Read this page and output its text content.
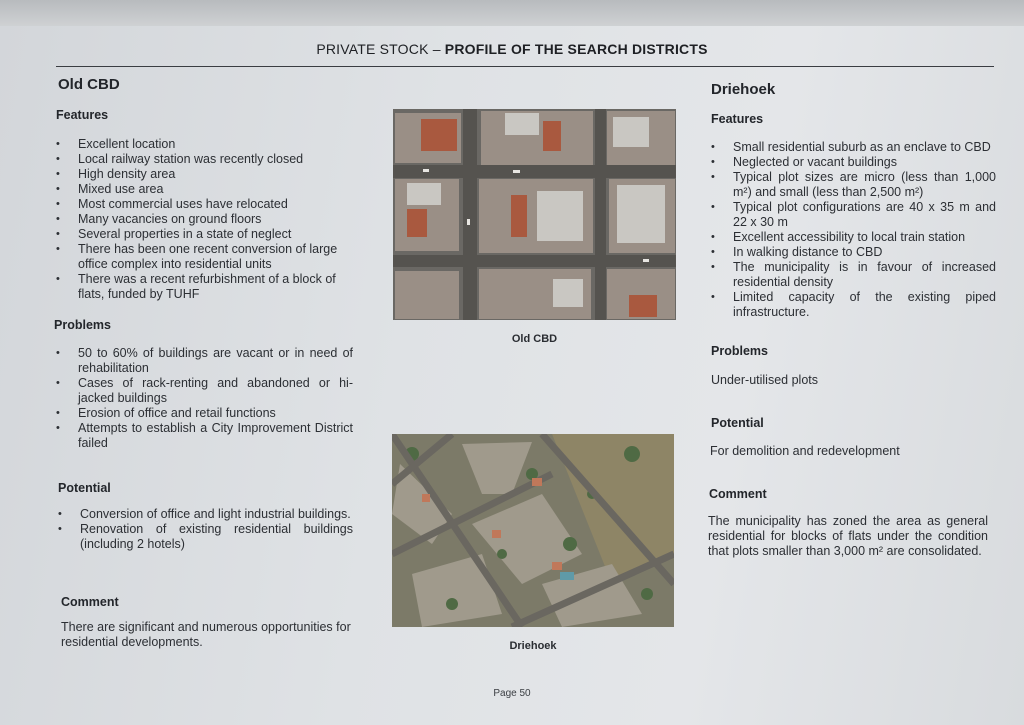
PRIVATE STOCK – PROFILE OF THE SEARCH DISTRICTS
Old CBD
Features
• Excellent location
• Local railway station was recently closed
• High density area
• Mixed use area
• Most commercial uses have relocated
• Many vacancies on ground floors
• Several properties in a state of neglect
• There has been one recent conversion of large office complex into residential units
• There was a recent refurbishment of a block of flats, funded by TUHF
Problems
• 50 to 60% of buildings are vacant or in need of rehabilitation
• Cases of rack-renting and abandoned or hi-jacked buildings
• Erosion of office and retail functions
• Attempts to establish a City Improvement District failed
Potential
• Conversion of office and light industrial buildings.
• Renovation of existing residential buildings (including 2 hotels)
Comment

There are significant and numerous opportunities for residential developments.

Old CBD
Driehoek
Driehoek
Features
• Small residential suburb as an enclave to CBD
• Neglected or vacant buildings
• Typical plot sizes are micro (less than 1,000 m²) and small (less than 2,500 m²)
• Typical plot configurations are 40 x 35 m and 22 x 30 m
• Excellent accessibility to local train station
• In walking distance to CBD
• The municipality is in favour of increased residential density
• Limited capacity of the existing piped infrastructure.
Problems

Under-utilised plots

Potential

For demolition and redevelopment

Comment

The municipality has zoned the area as general residential for blocks of flats under the condition that plots smaller than 3,000 m² are consolidated.

Page 50
